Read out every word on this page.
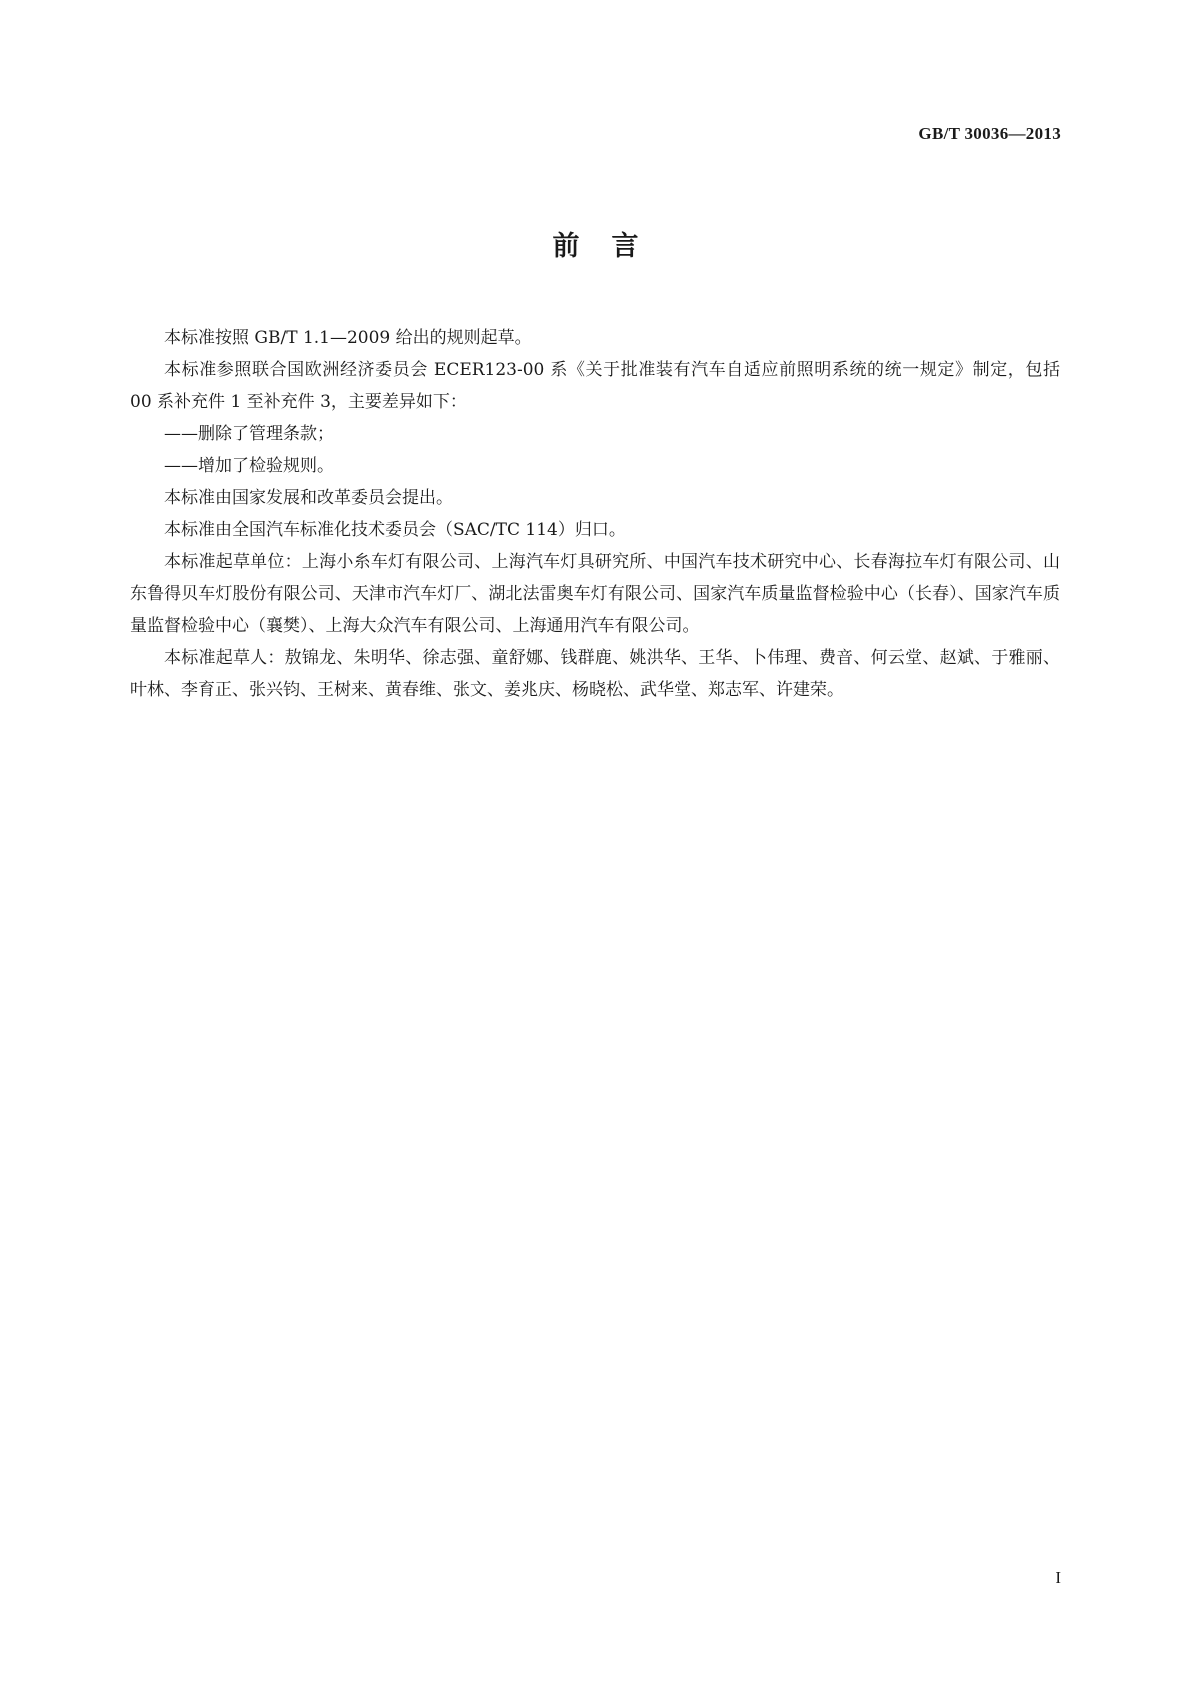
GB/T 30036—2013
前言

本标准按照 GB/T 1.1—2009 给出的规则起草。

本标准参照联合国欧洲经济委员会 ECER123-00 系《关于批准装有汽车自适应前照明系统的统一规定》制定，包括 00 系补充件 1 至补充件 3，主要差异如下：

——删除了管理条款；

——增加了检验规则。

本标准由国家发展和改革委员会提出。

本标准由全国汽车标准化技术委员会（SAC/TC 114）归口。

本标准起草单位：上海小糸车灯有限公司、上海汽车灯具研究所、中国汽车技术研究中心、长春海拉车灯有限公司、山东鲁得贝车灯股份有限公司、天津市汽车灯厂、湖北法雷奥车灯有限公司、国家汽车质量监督检验中心（长春）、国家汽车质量监督检验中心（襄樊）、上海大众汽车有限公司、上海通用汽车有限公司。

本标准起草人：敖锦龙、朱明华、徐志强、童舒娜、钱群鹿、姚洪华、王华、卜伟理、费音、何云堂、赵斌、于雅丽、叶林、李育正、张兴钧、王树来、黄春维、张文、姜兆庆、杨晓松、武华堂、郑志军、许建荣。

I
